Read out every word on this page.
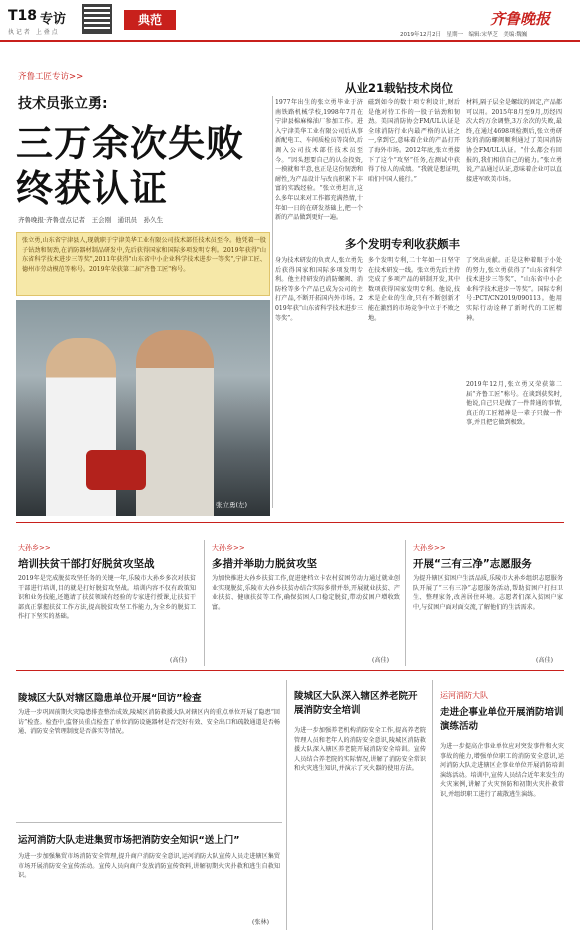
T18 专访
执 记 者　上 叠 点
典范	齐鲁晚报
2019年12月2日　星期一　编辑:宋华芝　美编:魏巍
齐鲁工匠专访>>
技术员张立勇:
三万余次失败
终获认证
齐鲁晚报·齐鲁壹点记者　王会刚　通讯员　孙久生
张立勇,山东省宁津县人,现就职于宁津美华工业有限公司技术部任技术员至今。他凭着一股子钻劲和韧劲,在消防器材制品研发中,先后获得国家和国际多项发明专利。2019年获得"山东省科学技术进步三等奖",2011年获得"山东省中小企业科学技术进步一等奖",宁津工匠、德州市劳动模范等称号。2019年荣获第二届"齐鲁工匠"称号。
张立勇(左)
1977年出生的张立勇毕业于济南铁路机械学校,1998年7月在宁津县棉麻棉油厂参加工作。进入宁津美华工业有限公司后从事新配电工、车间质检员等岗位,后调入公司技术部任技术员至今。“因头想要自己的认金投资,一摸就和半意,也正是这份韧劲和耐性,为产品设计与改良积累下丰富的实践经验。“张立勇坦言,这么多年以来对工作都充满热情,十年如一日的在研发基础上,把一个新的产品做到更好一遍。
磁到如今的数十项专利设计,财后是他对待工作的一股子钻劲和韧劲。美国消防协会FM/UL认证是全球消防行业内最严格的认证之一,拿到它,意味着企业的产品打开了海外市场。2012年底,张立勇接下了这个“攻坚”任务,在测试中获得了惊人的成绩。“我就是想证明,咱们中国人能行。”
材料,隔子层全是螺纹的固定,产品都可以用。2015年8月至9月,历经四次大约万余调整,3万余次的失败,最终,在通过4698项检测后,张立勇研发的消防螺阀顺利通过了美国消防协会FM/UL认证。“什么都会有回报的,我们相信自己的能力。”张立勇说,产品通过认证,意味着企业可以直接进军欧美市场。
从业21载钻技术岗位
多个发明专利收获颇丰
身为技术研发的负责人,张立勇先后获得国家和国际多项发明专利。他主持研发的消防螺阀、消防栓等多个产品已成为公司的主打产品,不断开拓国内外市场。2019年获“山东省科学技术进步三等奖”。
多个发明专利,二十年如一日坚守在技术研发一线。张立勇先后主持完成了多项产品的研制开发,其中数项获得国家发明专利。他说,技术是企业的生命,只有不断创新才能在激烈的市场竞争中立于不败之地。
了突出贡献。正是这种着眼于小处的努力,张立勇获得了“山东省科学技术进步三等奖”、“山东省中小企业科学技术进步一等奖”。国际专利号:PCT/CN2019/090113。他用实际行动诠释了新时代的工匠精神。
2019年12月,张立勇又荣获第二届“齐鲁工匠”称号。在谈到获奖时,他说,自己只是做了一件普通的事情,真正的工匠精神是一辈子只做一件事,并且把它做到极致。
大孙乡>>
培训扶贫干部打好脱贫攻坚战
2019年是完成脱贫攻坚任务的关键一年,乐陵市大孙乡多次对扶贫干部进行培训,目的就是打好脱贫攻坚战。培训内容不仅有政策知识和业务技能,还邀请了扶贫领域有经验的专家进行授课,让扶贫干部真正掌握扶贫工作方法,提高脱贫攻坚工作能力,为全乡的脱贫工作打下坚实的基础。
(高佳)
大孙乡>>
多措并举助力脱贫攻坚
为加快推进大孙乡扶贫工作,促进建档立卡农村贫困劳动力通过就业创业实现脱贫,乐陵市大孙乡扶贫办结合实际多措并举,开展就业扶贫、产业扶贫、健康扶贫等工作,确保贫困人口稳定脱贫,带动贫困户增收致富。
(高佳)
大孙乡>>
开展“三有三净”志愿服务
为提升辖区贫困户生活品质,乐陵市大孙乡组织志愿服务队开展了“三有三净”志愿服务活动,帮助贫困户打扫卫生、整理家务,改善居住环境。志愿者们深入贫困户家中,与贫困户面对面交流,了解他们的生活需求。
(高佳)
陵城区大队对辖区隐患单位开展“回访”检查
为进一步巩固前期火灾隐患排查整治成效,陵城区消防救援大队对辖区内的重点单位开展了隐患“回访”检查。检查中,监督员重点检查了单位消防设施器材是否完好有效、安全出口和疏散通道是否畅通、消防安全管理制度是否落实等情况。
运河消防大队走进集贸市场把消防安全知识“送上门”
为进一步加强集贸市场消防安全管理,提升商户消防安全意识,运河消防大队宣传人员走进辖区集贸市场开展消防安全宣传活动。宣传人员向商户发放消防宣传资料,讲解初期火灾扑救和逃生自救知识。
(张林)
陵城区大队深入辖区养老院开展消防安全培训
为进一步加强养老机构消防安全工作,提高养老院管理人员和老年人的消防安全意识,陵城区消防救援大队深入辖区养老院开展消防安全培训。宣传人员结合养老院的实际情况,讲解了消防安全常识和火灾逃生知识,并演示了灭火器的使用方法。
运河消防大队
走进企事业单位开展消防培训演练活动
为进一步提高企事业单位应对突发事件和火灾事故的能力,增强单位职工的消防安全意识,运河消防大队走进辖区企事业单位开展消防培训演练活动。培训中,宣传人员结合近年来发生的火灾案例,讲解了火灾预防和初期火灾扑救常识,并组织职工进行了疏散逃生演练。
